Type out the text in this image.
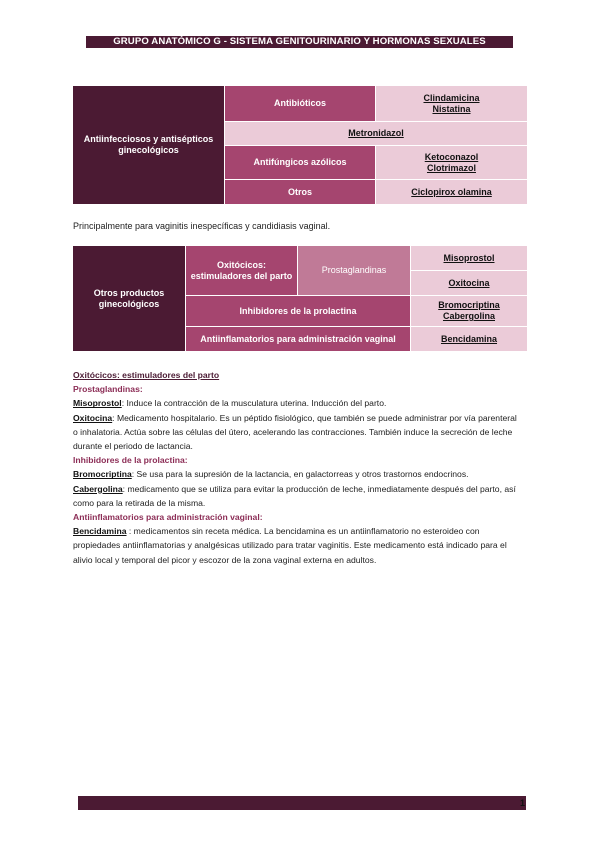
GRUPO ANATÓMICO G - SISTEMA GENITOURINARIO Y HORMONAS SEXUALES
Antiinfecciosos y antisépticos ginecológicos	Antibióticos	Clindamicina
Nistatina

	Metronidazol	
	Antifúngicos azólicos	Ketoconazol
Clotrimazol

	Otros	Ciclopirox olamina
Principalmente para vaginitis inespecíficas y candidiasis vaginal.
Otros productos ginecológicos	Oxitócicos: estimuladores del parto	Prostaglandinas	Misoprostol
			Oxitocina
	Inhibidores de la prolactina		Bromocriptina
Cabergolina

	Antiinflamatorios para administración vaginal		Bencidamina

Oxitócicos: estimuladores del parto

Prostaglandinas:

Misoprostol: Induce la contracción de la musculatura uterina. Inducción del parto.

Oxitocina: Medicamento hospitalario. Es un péptido fisiológico, que también se puede administrar por vía parenteral o inhalatoria. Actúa sobre las células del útero, acelerando las contracciones. También induce la secreción de leche durante el periodo de lactancia.

Inhibidores de la prolactina:

Bromocriptina: Se usa para la supresión de la lactancia, en galactorreas y otros trastornos endocrinos.

Cabergolina: medicamento que se utiliza para evitar la producción de leche, inmediatamente después del parto, así como para la retirada de la misma.

Antiinflamatorios para administración vaginal:

Bencidamina : medicamentos sin receta médica. La bencidamina es un antiinflamatorio no esteroideo con propiedades antiinflamatorias y analgésicas utilizado para tratar vaginitis. Este medicamento está indicado para el alivio local y temporal del picor y escozor de la zona vaginal externa en adultos.

1
